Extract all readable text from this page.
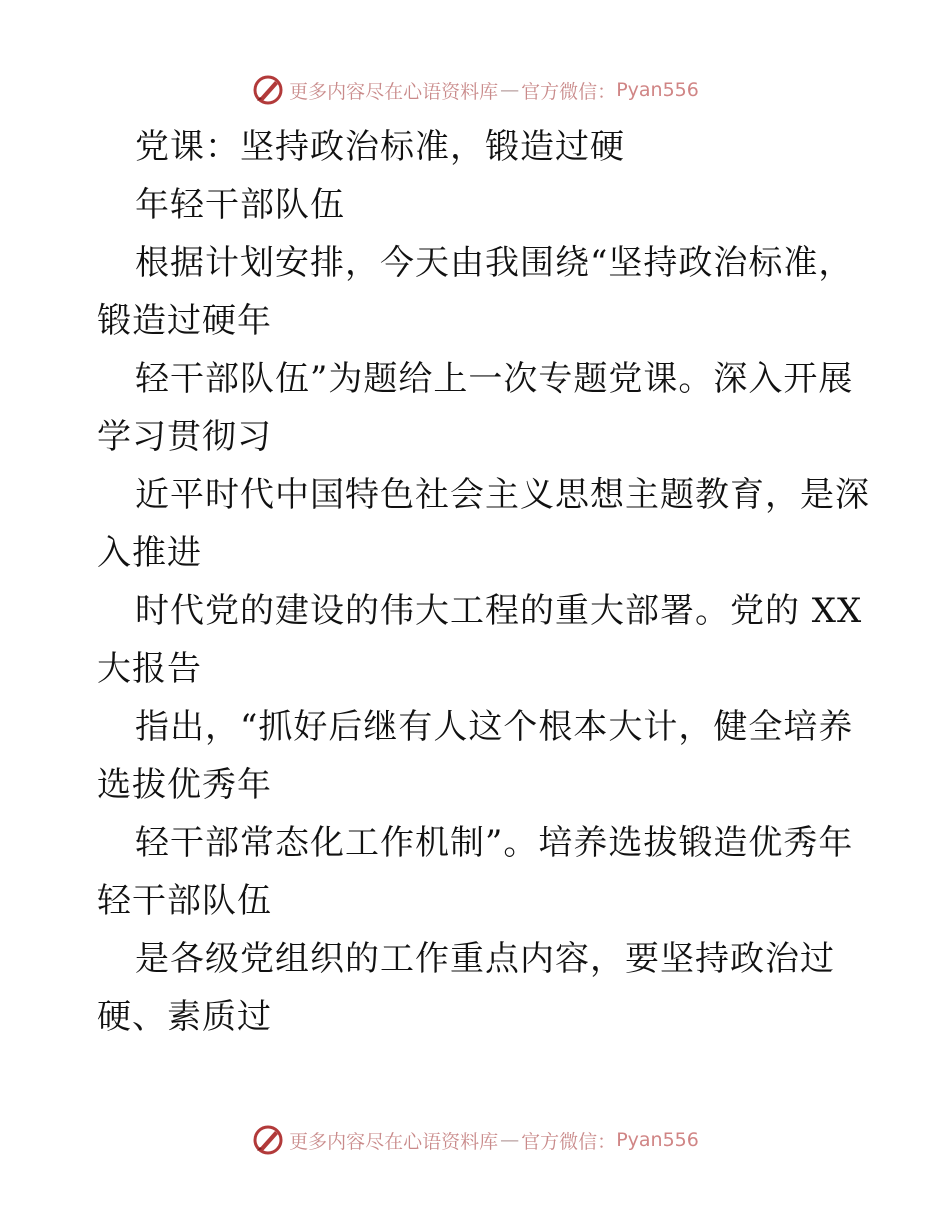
更多内容尽在心语资料库 — 官方微信： Pyan556
党课：坚持政治标准，锻造过硬
年轻干部队伍
根据计划安排，今天由我围绕“坚持政治标准，
锻造过硬年
轻干部队伍”为题给上一次专题党课。深入开展
学习贯彻习
近平时代中国特色社会主义思想主题教育，是深
入推进
时代党的建设的伟大工程的重大部署。党的 XX
大报告
指出，“抓好后继有人这个根本大计，健全培养
选拔优秀年
轻干部常态化工作机制”。培养选拔锻造优秀年
轻干部队伍
是各级党组织的工作重点内容，要坚持政治过
硬、素质过
更多内容尽在心语资料库 — 官方微信： Pyan556
